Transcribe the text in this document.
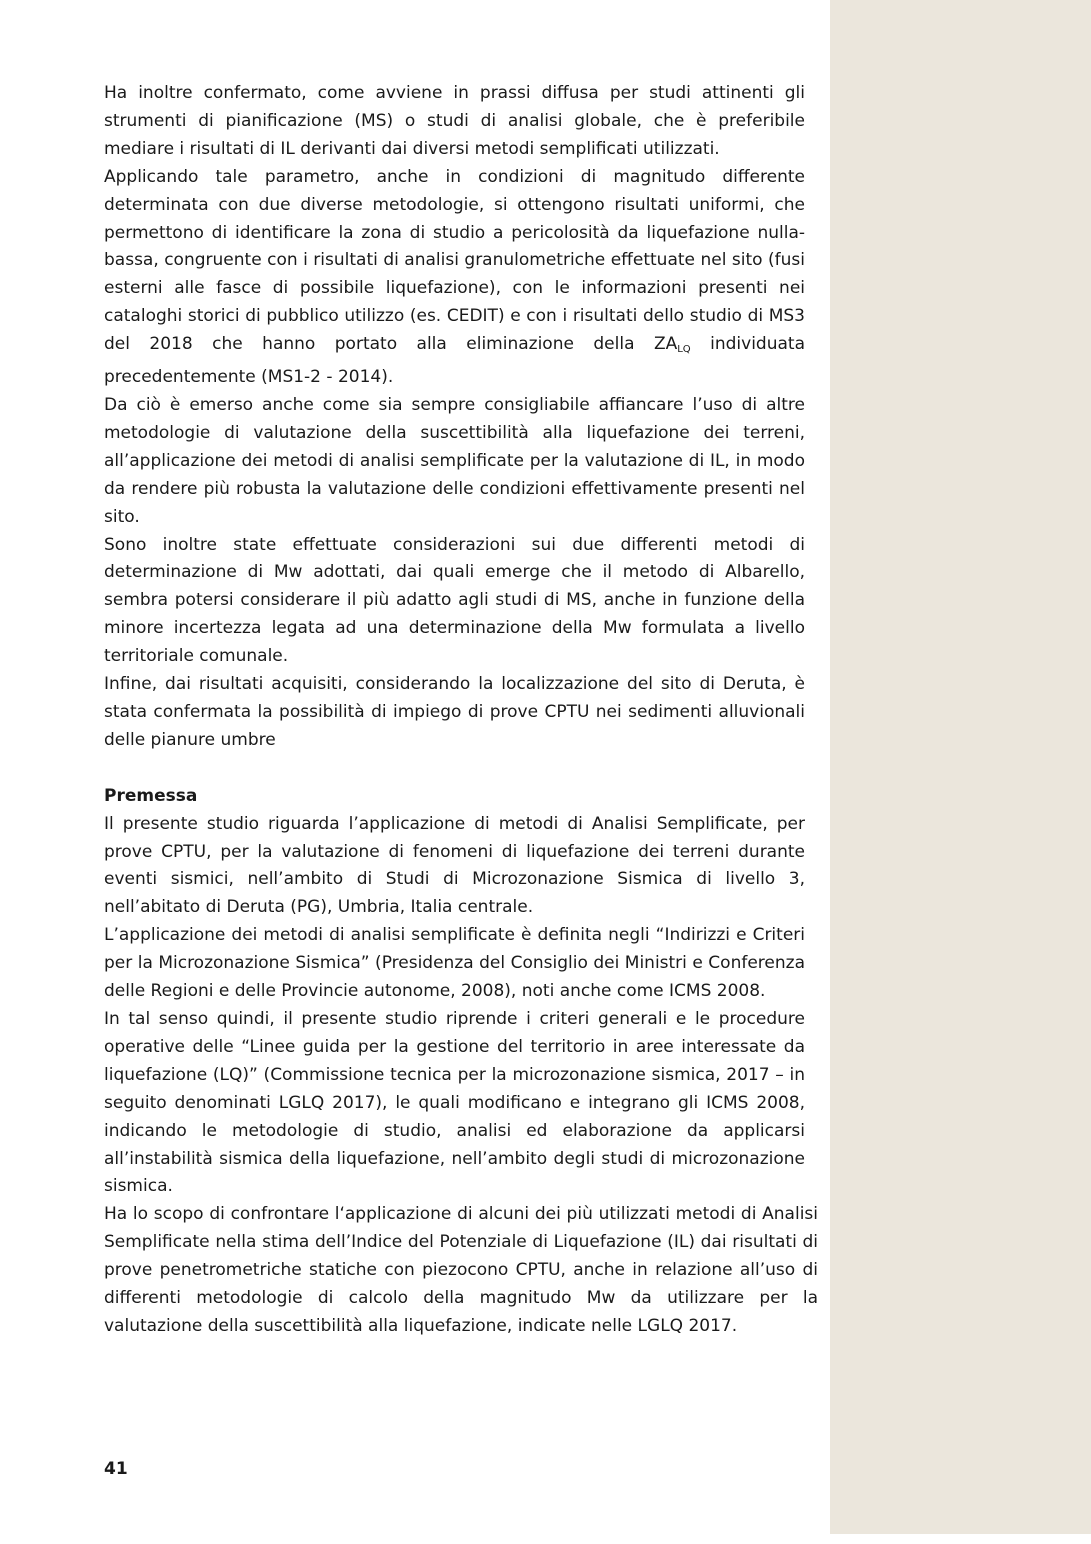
Ha inoltre confermato, come avviene in prassi diffusa per studi attinenti gli strumenti di pianificazione (MS) o studi di analisi globale, che è preferibile mediare i risultati di IL derivanti dai diversi metodi semplificati utilizzati.

Applicando tale parametro, anche in condizioni di magnitudo differente determinata con due diverse metodologie, si ottengono risultati uniformi, che permettono di identificare la zona di studio a pericolosità da liquefazione nulla-bassa, congruente con i risultati di analisi granulometriche effettuate nel sito (fusi esterni alle fasce di possibile liquefazione), con le informazioni presenti nei cataloghi storici di pubblico utilizzo (es. CEDIT) e con i risultati dello studio di MS3 del 2018 che hanno portato alla eliminazione della $ZA_{LQ}$ individuata precedentemente (MS1-2 - 2014).

Da ciò è emerso anche come sia sempre consigliabile affiancare l’uso di altre metodologie di valutazione della suscettibilità alla liquefazione dei terreni, all’applicazione dei metodi di analisi semplificate per la valutazione di IL, in modo da rendere più robusta la valutazione delle condizioni effettivamente presenti nel sito.

Sono inoltre state effettuate considerazioni sui due differenti metodi di determinazione di Mw adottati, dai quali emerge che il metodo di Albarello, sembra potersi considerare il più adatto agli studi di MS, anche in funzione della minore incertezza legata ad una determinazione della Mw formulata a livello territoriale comunale.

Infine, dai risultati acquisiti, considerando la localizzazione del sito di Deruta, è stata confermata la possibilità di impiego di prove CPTU nei sedimenti alluvionali delle pianure umbre

Premessa

Il presente studio riguarda l’applicazione di metodi di Analisi Semplificate, per prove CPTU, per la valutazione di fenomeni di liquefazione dei terreni durante eventi sismici, nell’ambito di Studi di Microzonazione Sismica di livello 3, nell’abitato di Deruta (PG), Umbria, Italia centrale.

L’applicazione dei metodi di analisi semplificate è definita negli “Indirizzi e Criteri per la Microzonazione Sismica” (Presidenza del Consiglio dei Ministri e Conferenza delle Regioni e delle Provincie autonome, 2008), noti anche come ICMS 2008.

In tal senso quindi, il presente studio riprende i criteri generali e le procedure operative delle “Linee guida per la gestione del territorio in aree interessate da liquefazione (LQ)” (Commissione tecnica per la microzonazione sismica, 2017 – in seguito denominati LGLQ 2017), le quali modificano e integrano gli ICMS 2008, indicando le metodologie di studio, analisi ed elaborazione da applicarsi all’instabilità sismica della liquefazione, nell’ambito degli studi di microzonazione sismica.

Ha lo scopo di confrontare l‘applicazione di alcuni dei più utilizzati metodi di Analisi Semplificate nella stima dell’Indice del Potenziale di Liquefazione (IL) dai risultati di prove penetrometriche statiche con piezocono CPTU, anche in relazione all’uso di differenti metodologie di calcolo della magnitudo Mw da utilizzare per la valutazione della suscettibilità alla liquefazione, indicate nelle LGLQ 2017.

41
